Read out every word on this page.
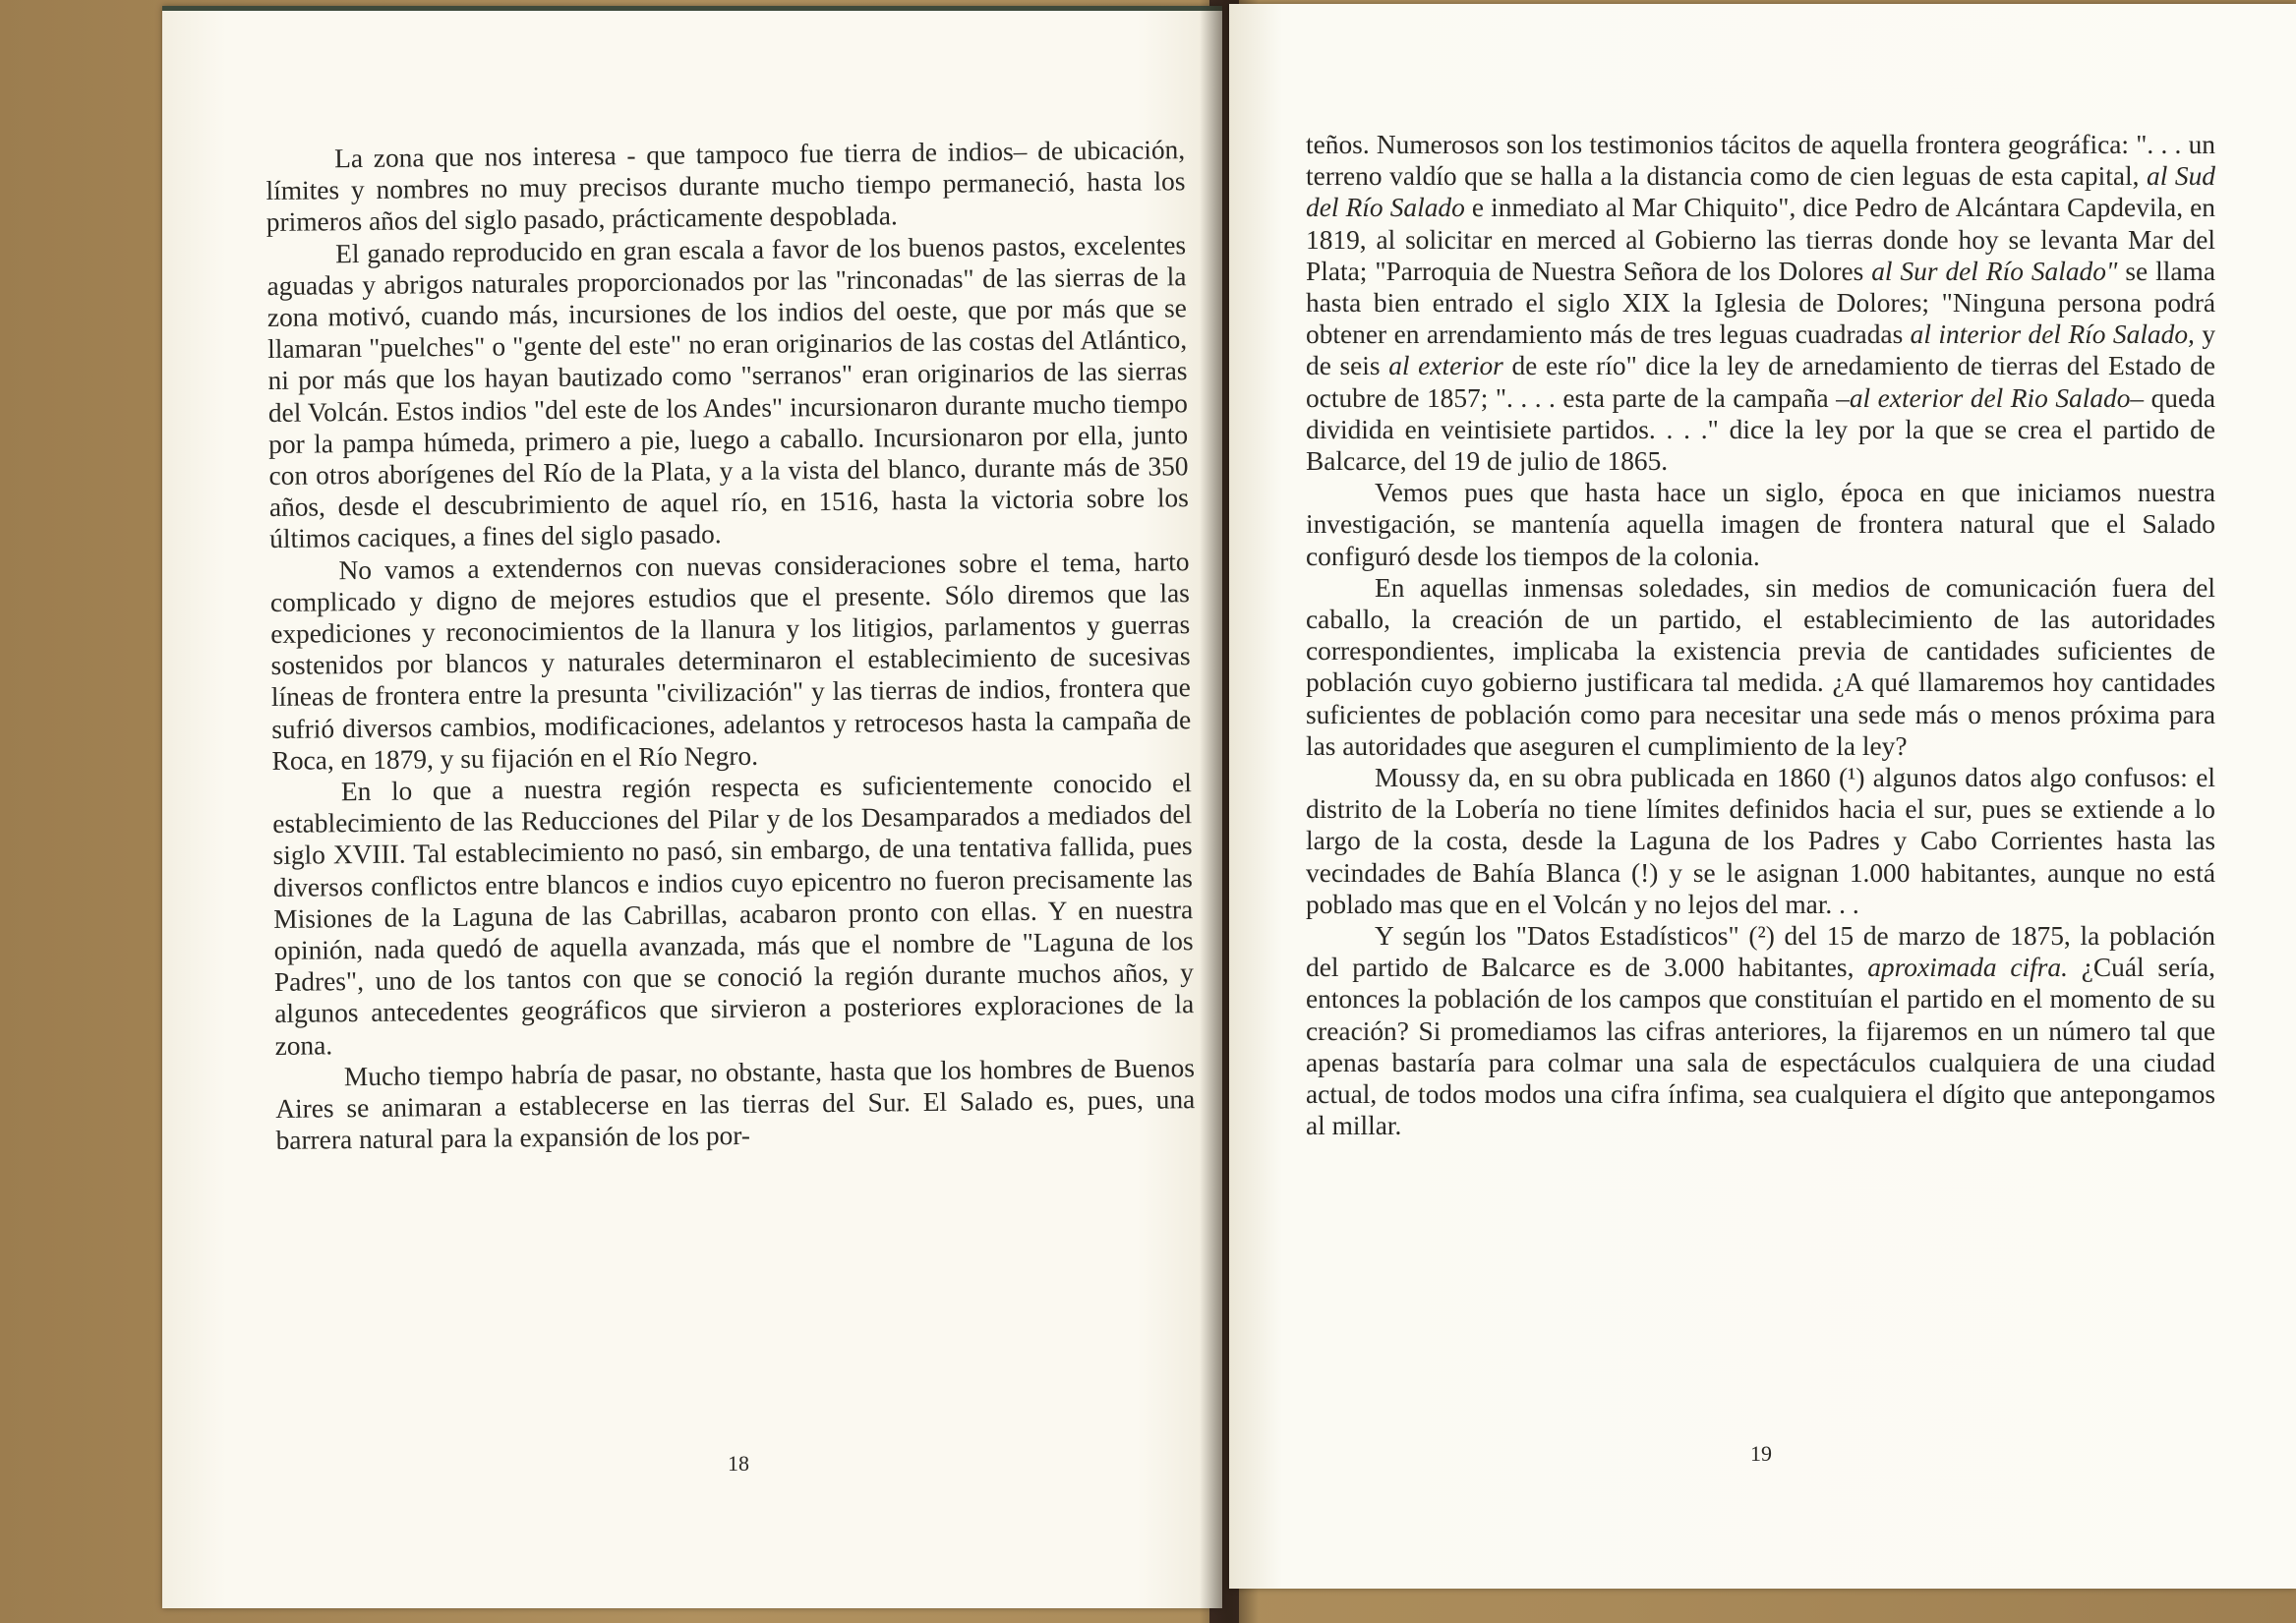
La zona que nos interesa - que tampoco fue tierra de indios– de ubicación, límites y nombres no muy precisos durante mucho tiempo permaneció, hasta los primeros años del siglo pasado, prácticamente despoblada.

El ganado reproducido en gran escala a favor de los buenos pastos, excelentes aguadas y abrigos naturales proporcionados por las "rinconadas" de las sierras de la zona motivó, cuando más, incursiones de los indios del oeste, que por más que se llamaran "puelches" o "gente del este" no eran originarios de las costas del Atlántico, ni por más que los hayan bautizado como "serranos" eran originarios de las sierras del Volcán. Estos indios "del este de los Andes" incursionaron durante mucho tiempo por la pampa húmeda, primero a pie, luego a caballo. Incursionaron por ella, junto con otros aborígenes del Río de la Plata, y a la vista del blanco, durante más de 350 años, desde el descubrimiento de aquel río, en 1516, hasta la victoria sobre los últimos caciques, a fines del siglo pasado.

No vamos a extendernos con nuevas consideraciones sobre el tema, harto complicado y digno de mejores estudios que el presente. Sólo diremos que las expediciones y reconocimientos de la llanura y los litigios, parlamentos y guerras sostenidos por blancos y naturales determinaron el establecimiento de sucesivas líneas de frontera entre la presunta "civilización" y las tierras de indios, frontera que sufrió diversos cambios, modificaciones, adelantos y retrocesos hasta la campaña de Roca, en 1879, y su fijación en el Río Negro.

En lo que a nuestra región respecta es suficientemente conocido el establecimiento de las Reducciones del Pilar y de los Desamparados a mediados del siglo XVIII. Tal establecimiento no pasó, sin embargo, de una tentativa fallida, pues diversos conflictos entre blancos e indios cuyo epicentro no fueron precisamente las Misiones de la Laguna de las Cabrillas, acabaron pronto con ellas. Y en nuestra opinión, nada quedó de aquella avanzada, más que el nombre de "Laguna de los Padres", uno de los tantos con que se conoció la región durante muchos años, y algunos antecedentes geográficos que sirvieron a posteriores exploraciones de la zona.

Mucho tiempo habría de pasar, no obstante, hasta que los hombres de Buenos Aires se animaran a establecerse en las tierras del Sur. El Salado es, pues, una barrera natural para la expansión de los por-

18

teños. Numerosos son los testimonios tácitos de aquella frontera geográfica: ". . . un terreno valdío que se halla a la distancia como de cien leguas de esta capital, al Sud del Río Salado e inmediato al Mar Chiquito", dice Pedro de Alcántara Capdevila, en 1819, al solicitar en merced al Gobierno las tierras donde hoy se levanta Mar del Plata; "Parroquia de Nuestra Señora de los Dolores al Sur del Río Salado" se llama hasta bien entrado el siglo XIX la Iglesia de Dolores; "Ninguna persona podrá obtener en arrendamiento más de tres leguas cuadradas al interior del Río Salado, y de seis al exterior de este río" dice la ley de arnedamiento de tierras del Estado de octubre de 1857; ". . . . esta parte de la campaña –al exterior del Rio Salado– queda dividida en veintisiete partidos. . . ." dice la ley por la que se crea el partido de Balcarce, del 19 de julio de 1865.

Vemos pues que hasta hace un siglo, época en que iniciamos nuestra investigación, se mantenía aquella imagen de frontera natural que el Salado configuró desde los tiempos de la colonia.

En aquellas inmensas soledades, sin medios de comunicación fuera del caballo, la creación de un partido, el establecimiento de las autoridades correspondientes, implicaba la existencia previa de cantidades suficientes de población cuyo gobierno justificara tal medida. ¿A qué llamaremos hoy cantidades suficientes de población como para necesitar una sede más o menos próxima para las autoridades que aseguren el cumplimiento de la ley?

Moussy da, en su obra publicada en 1860 (¹) algunos datos algo confusos: el distrito de la Lobería no tiene límites definidos hacia el sur, pues se extiende a lo largo de la costa, desde la Laguna de los Padres y Cabo Corrientes hasta las vecindades de Bahía Blanca (!) y se le asignan 1.000 habitantes, aunque no está poblado mas que en el Volcán y no lejos del mar. . .

Y según los "Datos Estadísticos" (²) del 15 de marzo de 1875, la población del partido de Balcarce es de 3.000 habitantes, aproximada cifra. ¿Cuál sería, entonces la población de los campos que constituían el partido en el momento de su creación? Si promediamos las cifras anteriores, la fijaremos en un número tal que apenas bastaría para colmar una sala de espectáculos cualquiera de una ciudad actual, de todos modos una cifra ínfima, sea cualquiera el dígito que antepongamos al millar.

19
